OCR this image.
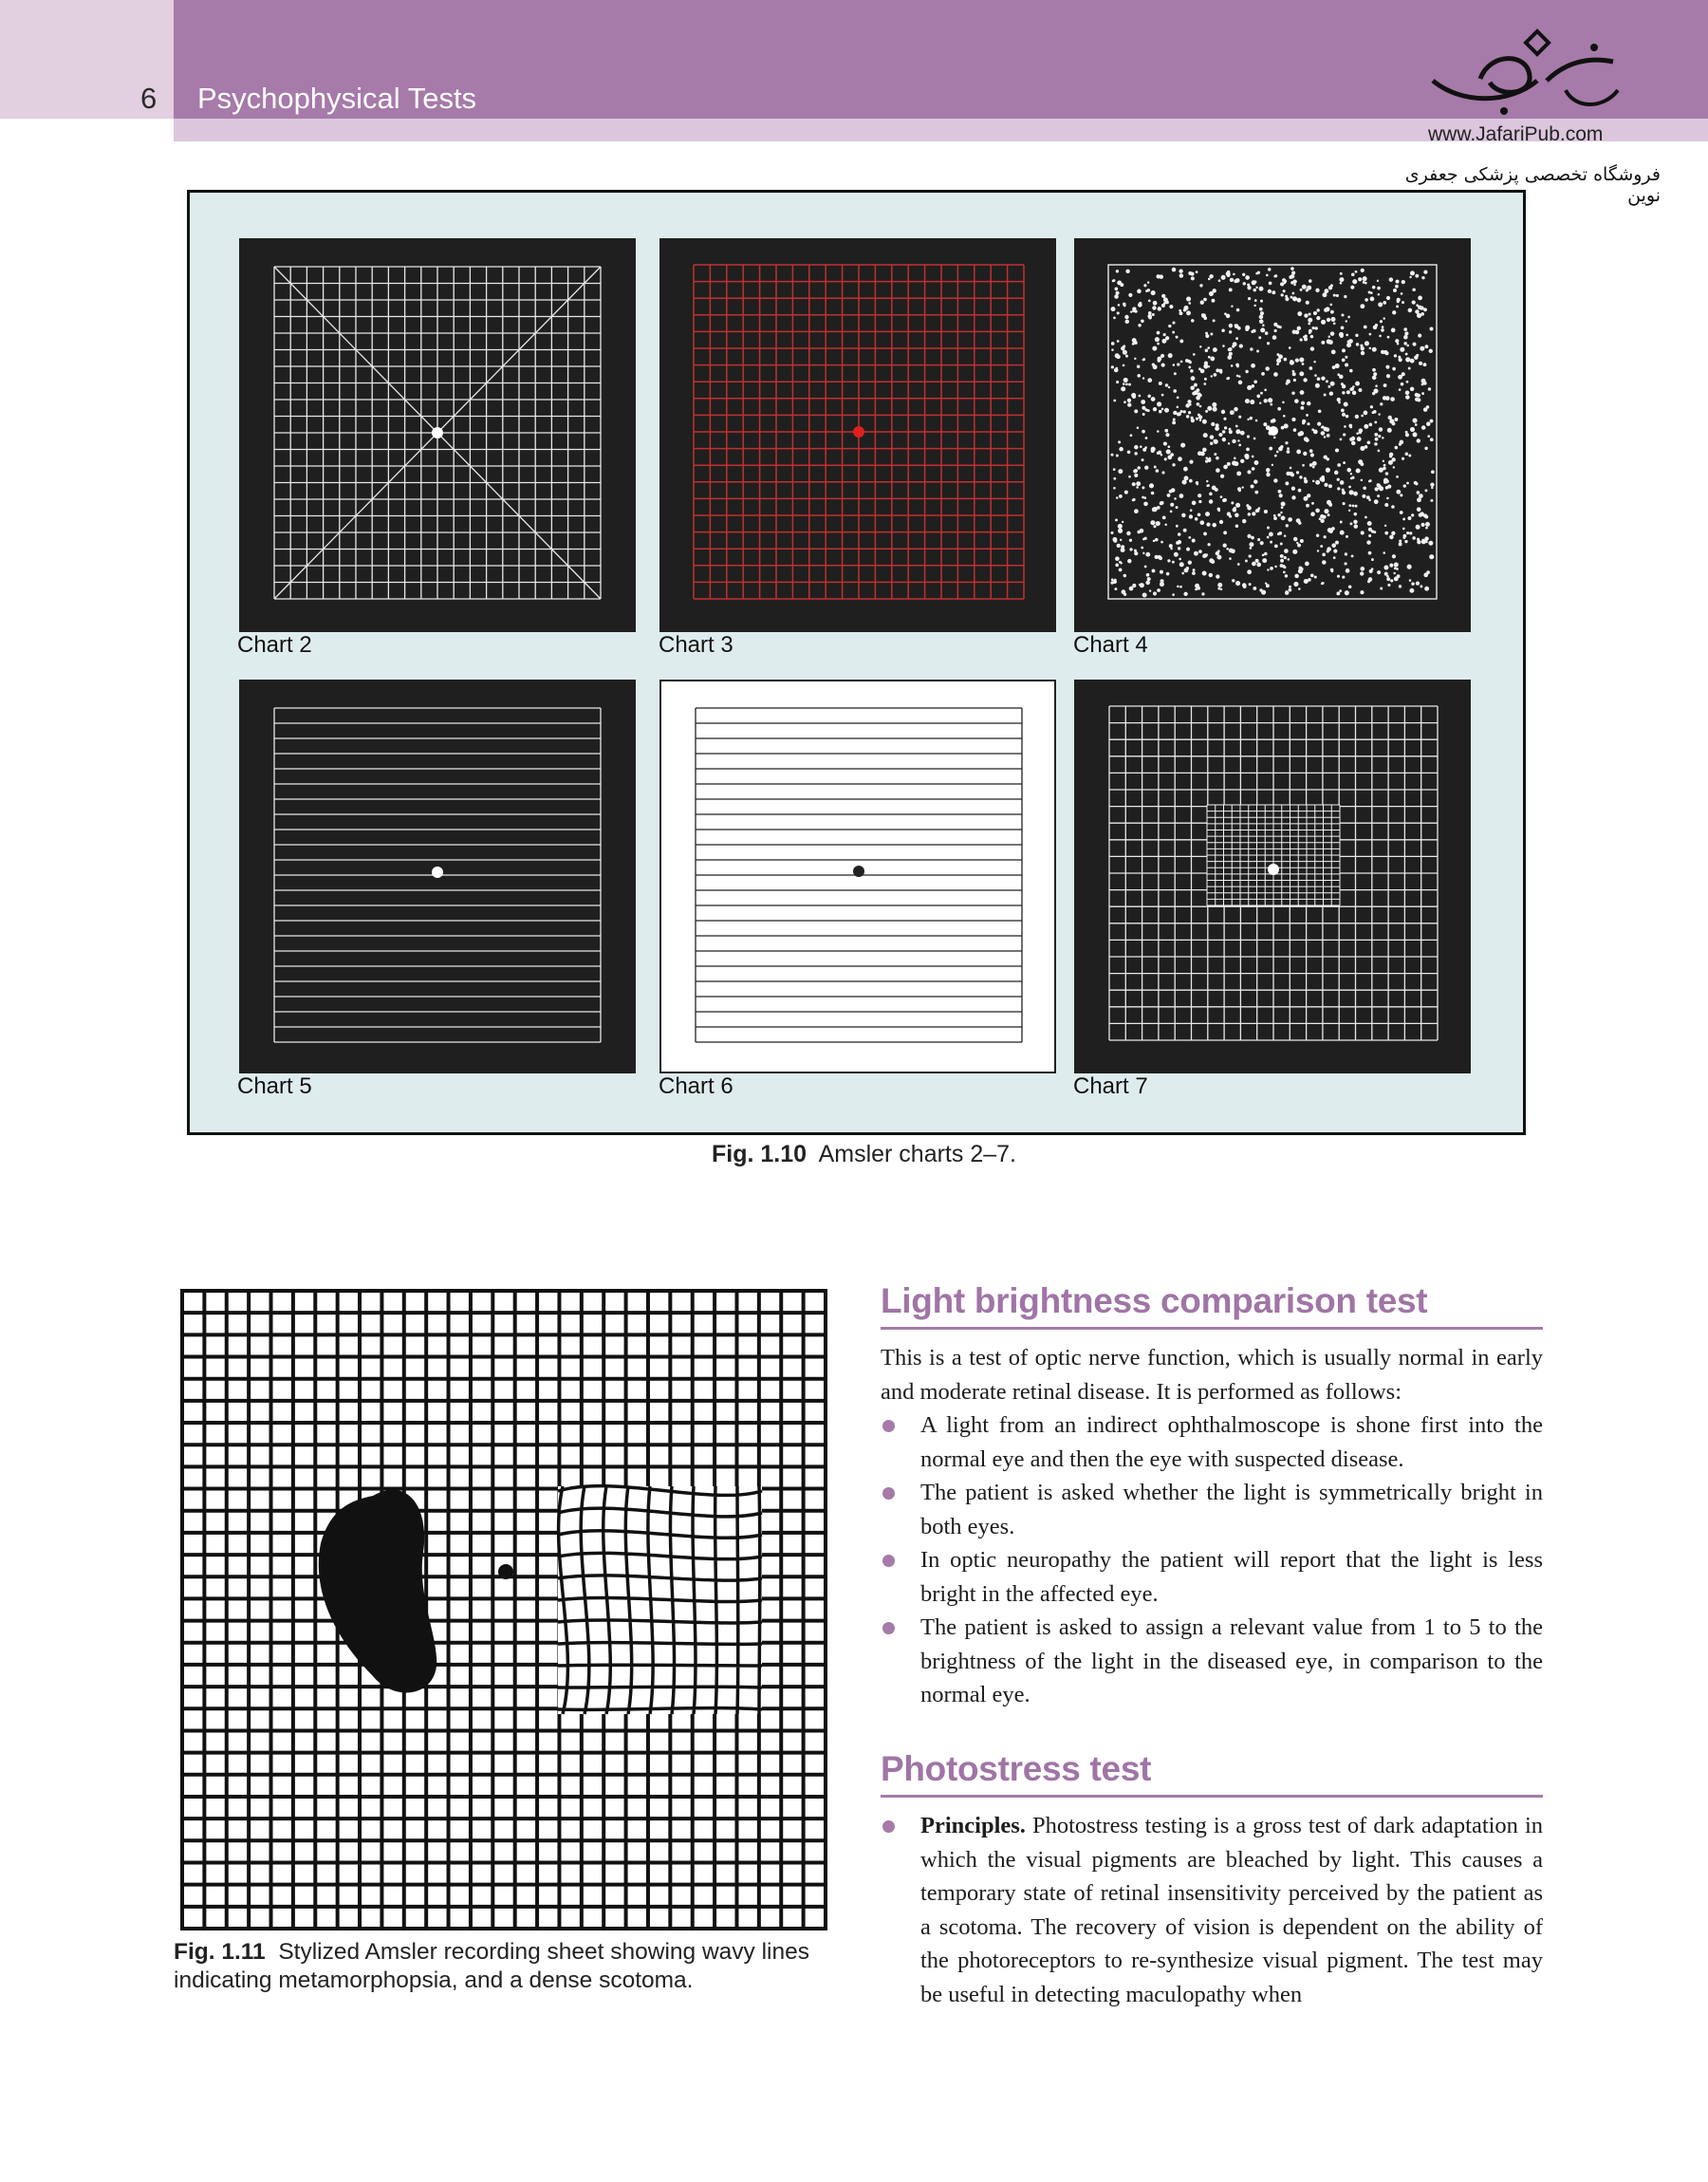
6 Psychophysical Tests
www.JafariPub.com
فروشگاه تخصصی پزشکی جعفری نوین
Chart 2	Chart 3	Chart 4
Chart 5	Chart 6	Chart 7
Fig. 1.10 Amsler charts 2–7.
Fig. 1.11 Stylized Amsler recording sheet showing wavy lines indicating metamorphopsia, and a dense scotoma.
Light brightness comparison test
This is a test of optic nerve function, which is usually normal in early and moderate retinal disease. It is performed as follows:
A light from an indirect ophthalmoscope is shone first into the normal eye and then the eye with suspected disease.
The patient is asked whether the light is symmetrically bright in both eyes.
In optic neuropathy the patient will report that the light is less bright in the affected eye.
The patient is asked to assign a relevant value from 1 to 5 to the brightness of the light in the diseased eye, in comparison to the normal eye.
Photostress test
Principles. Photostress testing is a gross test of dark adaptation in which the visual pigments are bleached by light. This causes a temporary state of retinal insensitivity perceived by the patient as a scotoma. The recovery of vision is dependent on the ability of the photoreceptors to re-synthesize visual pigment. The test may be useful in detecting maculopathy when
